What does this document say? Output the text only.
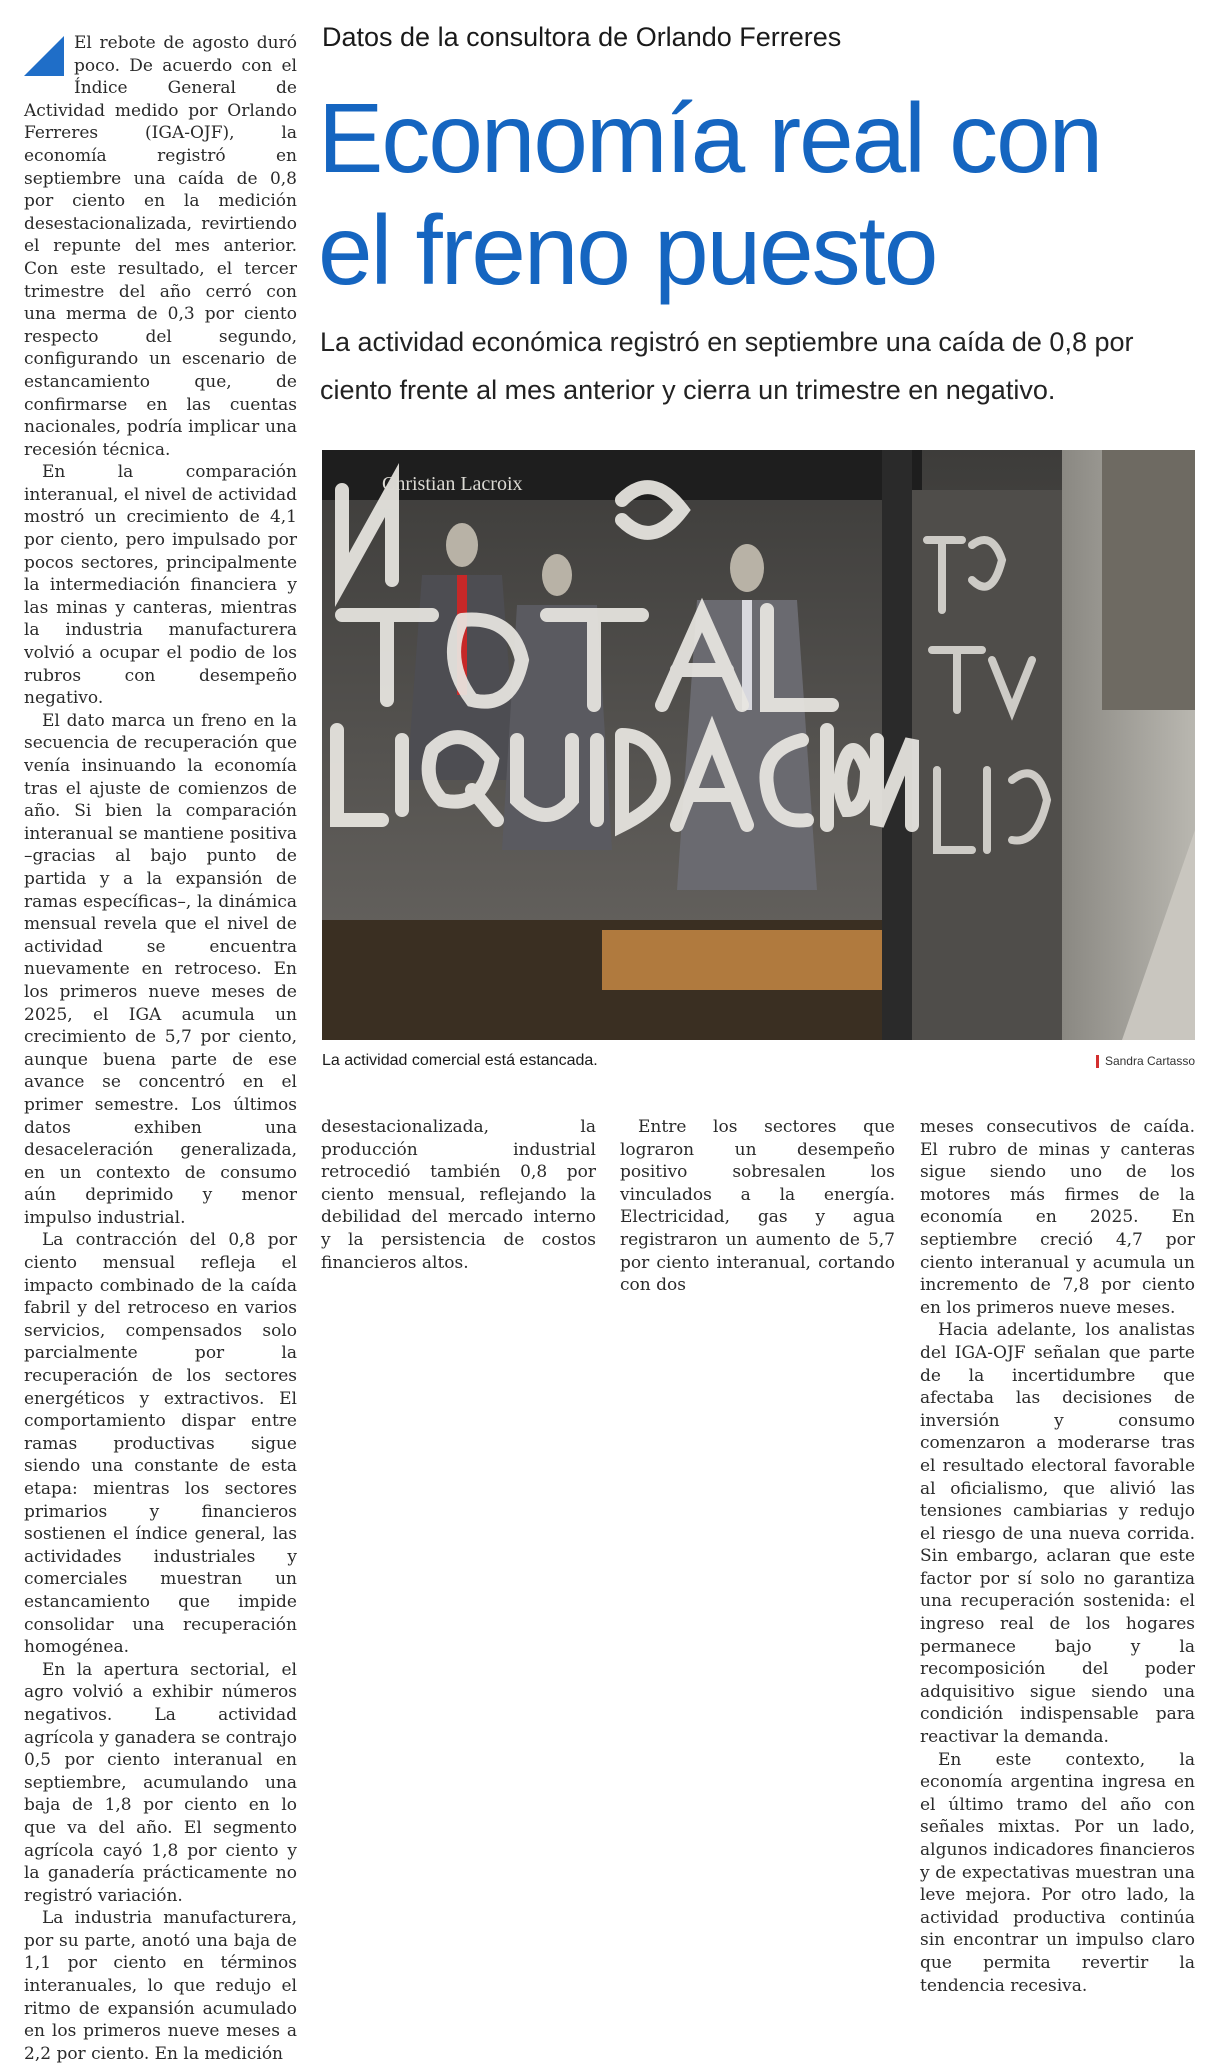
El rebote de agosto duró poco. De acuerdo con el Índice General de Actividad medido por Orlando Ferreres (IGA-OJF), la economía registró en septiembre una caída de 0,8 por ciento en la medición desestacionalizada, revirtiendo el repunte del mes anterior. Con este resultado, el tercer trimestre del año cerró con una merma de 0,3 por ciento respecto del segundo, configurando un escenario de estancamiento que, de confirmarse en las cuentas nacionales, podría implicar una recesión técnica.

En la comparación interanual, el nivel de actividad mostró un crecimiento de 4,1 por ciento, pero impulsado por pocos sectores, principalmente la intermediación financiera y las minas y canteras, mientras la industria manufacturera volvió a ocupar el podio de los rubros con desempeño negativo.

El dato marca un freno en la secuencia de recuperación que venía insinuando la economía tras el ajuste de comienzos de año. Si bien la comparación interanual se mantiene positiva –gracias al bajo punto de partida y a la expansión de ramas específicas–, la dinámica mensual revela que el nivel de actividad se encuentra nuevamente en retroceso. En los primeros nueve meses de 2025, el IGA acumula un crecimiento de 5,7 por ciento, aunque buena parte de ese avance se concentró en el primer semestre. Los últimos datos exhiben una desaceleración generalizada, en un contexto de consumo aún deprimido y menor impulso industrial.

La contracción del 0,8 por ciento mensual refleja el impacto combinado de la caída fabril y del retroceso en varios servicios, compensados solo parcialmente por la recuperación de los sectores energéticos y extractivos. El comportamiento dispar entre ramas productivas sigue siendo una constante de esta etapa: mientras los sectores primarios y financieros sostienen el índice general, las actividades industriales y comerciales muestran un estancamiento que impide consolidar una recuperación homogénea.

En la apertura sectorial, el agro volvió a exhibir números negativos. La actividad agrícola y ganadera se contrajo 0,5 por ciento interanual en septiembre, acumulando una baja de 1,8 por ciento en lo que va del año. El segmento agrícola cayó 1,8 por ciento y la ganadería prácticamente no registró variación.

La industria manufacturera, por su parte, anotó una baja de 1,1 por ciento en términos interanuales, lo que redujo el ritmo de expansión acumulado en los primeros nueve meses a 2,2 por ciento. En la medición

Datos de la consultora de Orlando Ferreres
Economía real con el freno puesto

La actividad económica registró en septiembre una caída de 0,8 por ciento frente al mes anterior y cierra un trimestre en negativo.

Christian Lacroix
La actividad comercial está estancada.	Sandra Cartasso

desestacionalizada, la producción industrial retrocedió también 0,8 por ciento mensual, reflejando la debilidad del mercado interno y la persistencia de costos financieros altos.

Entre los sectores que lograron un desempeño positivo sobresalen los vinculados a la energía. Electricidad, gas y agua registraron un aumento de 5,7 por ciento interanual, cortando con dos

meses consecutivos de caída. El rubro de minas y canteras sigue siendo uno de los motores más firmes de la economía en 2025. En septiembre creció 4,7 por ciento interanual y acumula un incremento de 7,8 por ciento en los primeros nueve meses.

Hacia adelante, los analistas del IGA-OJF señalan que parte de la incertidumbre que afectaba las decisiones de inversión y consumo comenzaron a moderarse tras el resultado electoral favorable al oficialismo, que alivió las tensiones cambiarias y redujo el riesgo de una nueva corrida. Sin embargo, aclaran que este factor por sí solo no garantiza una recuperación sostenida: el ingreso real de los hogares permanece bajo y la recomposición del poder adquisitivo sigue siendo una condición indispensable para reactivar la demanda.

En este contexto, la economía argentina ingresa en el último tramo del año con señales mixtas. Por un lado, algunos indicadores financieros y de expectativas muestran una leve mejora. Por otro lado, la actividad productiva continúa sin encontrar un impulso claro que permita revertir la tendencia recesiva.
